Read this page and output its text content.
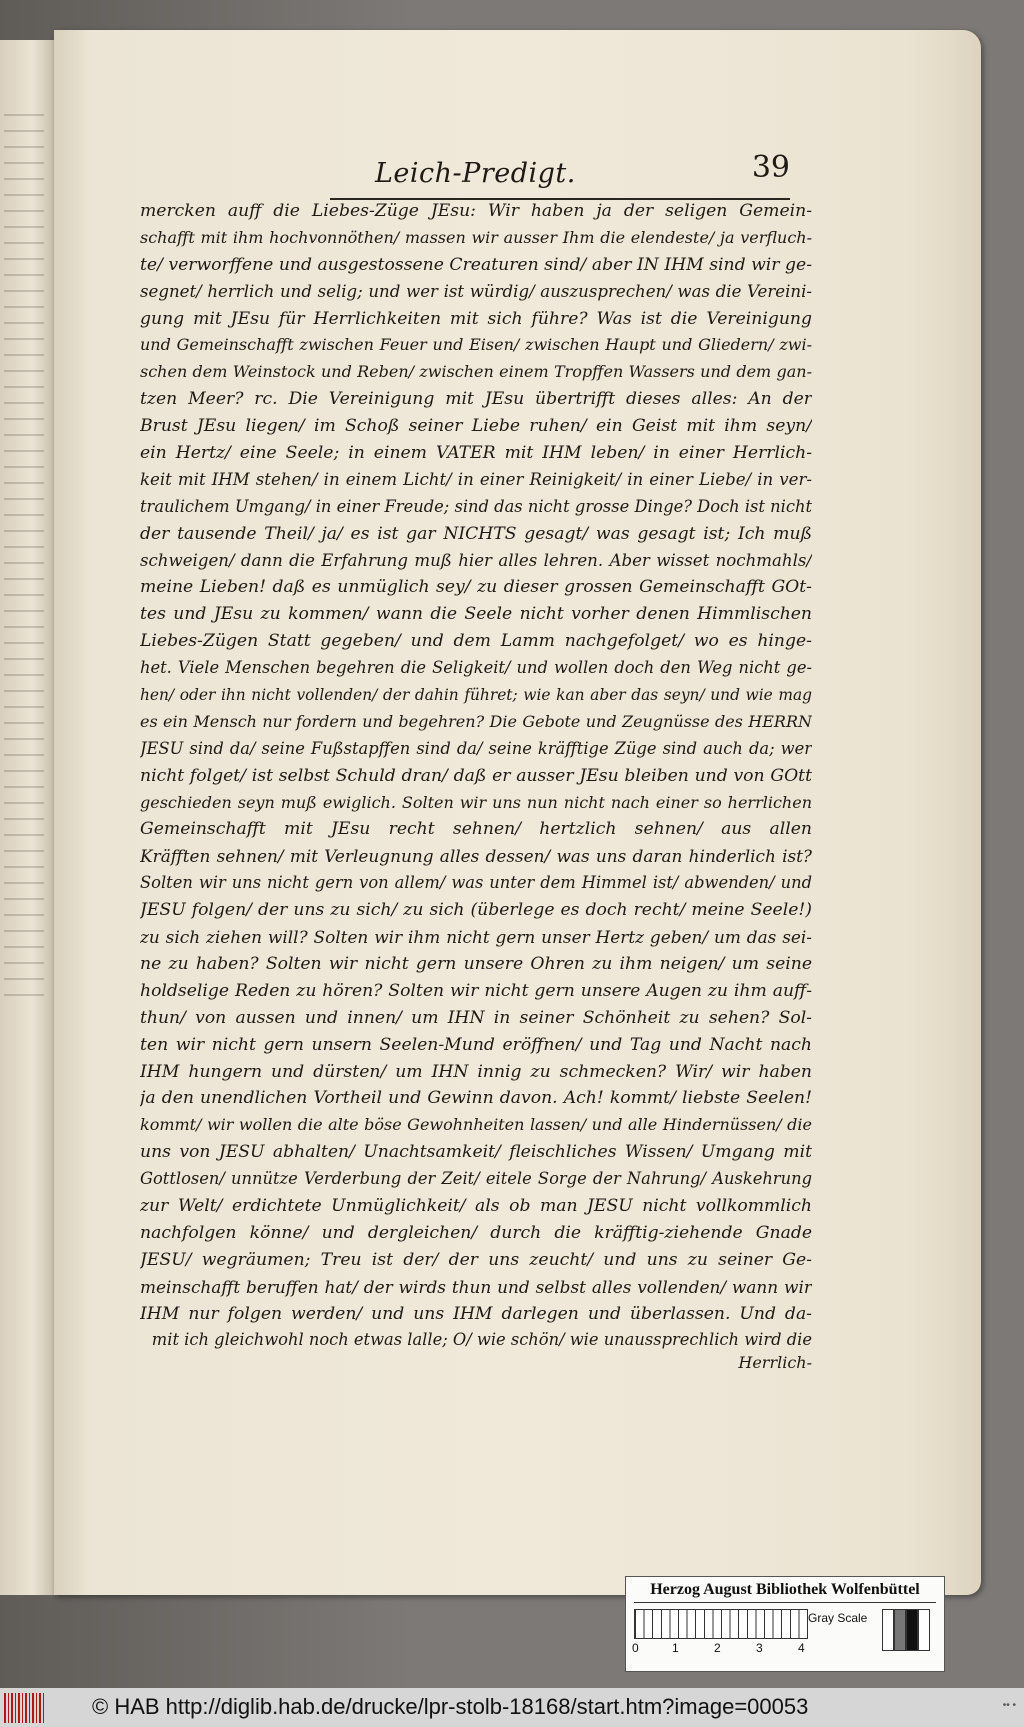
Leich-Predigt.	39
mercken auff die Liebes-Züge JEsu: Wir haben ja der seligen Gemein-
schafft mit ihm hochvonnöthen/ massen wir ausser Ihm die elendeste/ ja verfluch-
te/ verworffene und ausgestossene Creaturen sind/ aber IN IHM sind wir ge-
segnet/ herrlich und selig; und wer ist würdig/ auszusprechen/ was die Vereini-
gung mit JEsu für Herrlichkeiten mit sich führe? Was ist die Vereinigung
und Gemeinschafft zwischen Feuer und Eisen/ zwischen Haupt und Gliedern/ zwi-
schen dem Weinstock und Reben/ zwischen einem Tropffen Wassers und dem gan-
tzen Meer? rc. Die Vereinigung mit JEsu übertrifft dieses alles: An der
Brust JEsu liegen/ im Schoß seiner Liebe ruhen/ ein Geist mit ihm seyn/
ein Hertz/ eine Seele; in einem VATER mit IHM leben/ in einer Herrlich-
keit mit IHM stehen/ in einem Licht/ in einer Reinigkeit/ in einer Liebe/ in ver-
traulichem Umgang/ in einer Freude; sind das nicht grosse Dinge? Doch ist nicht
der tausende Theil/ ja/ es ist gar NICHTS gesagt/ was gesagt ist; Ich muß
schweigen/ dann die Erfahrung muß hier alles lehren. Aber wisset nochmahls/
meine Lieben! daß es unmüglich sey/ zu dieser grossen Gemeinschafft GOt-
tes und JEsu zu kommen/ wann die Seele nicht vorher denen Himmlischen
Liebes-Zügen Statt gegeben/ und dem Lamm nachgefolget/ wo es hinge-
het. Viele Menschen begehren die Seligkeit/ und wollen doch den Weg nicht ge-
hen/ oder ihn nicht vollenden/ der dahin führet; wie kan aber das seyn/ und wie mag
es ein Mensch nur fordern und begehren? Die Gebote und Zeugnüsse des HERRN
JESU sind da/ seine Fußstapffen sind da/ seine kräfftige Züge sind auch da; wer
nicht folget/ ist selbst Schuld dran/ daß er ausser JEsu bleiben und von GOtt
geschieden seyn muß ewiglich. Solten wir uns nun nicht nach einer so herrlichen
Gemeinschafft mit JEsu recht sehnen/ hertzlich sehnen/ aus allen
Kräfften sehnen/ mit Verleugnung alles dessen/ was uns daran hinderlich ist?
Solten wir uns nicht gern von allem/ was unter dem Himmel ist/ abwenden/ und
JESU folgen/ der uns zu sich/ zu sich (überlege es doch recht/ meine Seele!)
zu sich ziehen will? Solten wir ihm nicht gern unser Hertz geben/ um das sei-
ne zu haben? Solten wir nicht gern unsere Ohren zu ihm neigen/ um seine
holdselige Reden zu hören? Solten wir nicht gern unsere Augen zu ihm auff-
thun/ von aussen und innen/ um IHN in seiner Schönheit zu sehen? Sol-
ten wir nicht gern unsern Seelen-Mund eröffnen/ und Tag und Nacht nach
IHM hungern und dürsten/ um IHN innig zu schmecken? Wir/ wir haben
ja den unendlichen Vortheil und Gewinn davon. Ach! kommt/ liebste Seelen!
kommt/ wir wollen die alte böse Gewohnheiten lassen/ und alle Hindernüssen/ die
uns von JESU abhalten/ Unachtsamkeit/ fleischliches Wissen/ Umgang mit
Gottlosen/ unnütze Verderbung der Zeit/ eitele Sorge der Nahrung/ Auskehrung
zur Welt/ erdichtete Unmüglichkeit/ als ob man JESU nicht vollkommlich
nachfolgen könne/ und dergleichen/ durch die kräfftig-ziehende Gnade
JESU/ wegräumen; Treu ist der/ der uns zeucht/ und uns zu seiner Ge-
meinschafft beruffen hat/ der wirds thun und selbst alles vollenden/ wann wir
IHM nur folgen werden/ und uns IHM darlegen und überlassen. Und da-
mit ich gleichwohl noch etwas lalle; O/ wie schön/ wie unaussprechlich wird die
Herrlich-
Herzog August Bibliothek Wolfenbüttel
0	1	2	3	4
Gray Scale
© HAB http://diglib.hab.de/drucke/lpr-stolb-18168/start.htm?image=00053	•• •
